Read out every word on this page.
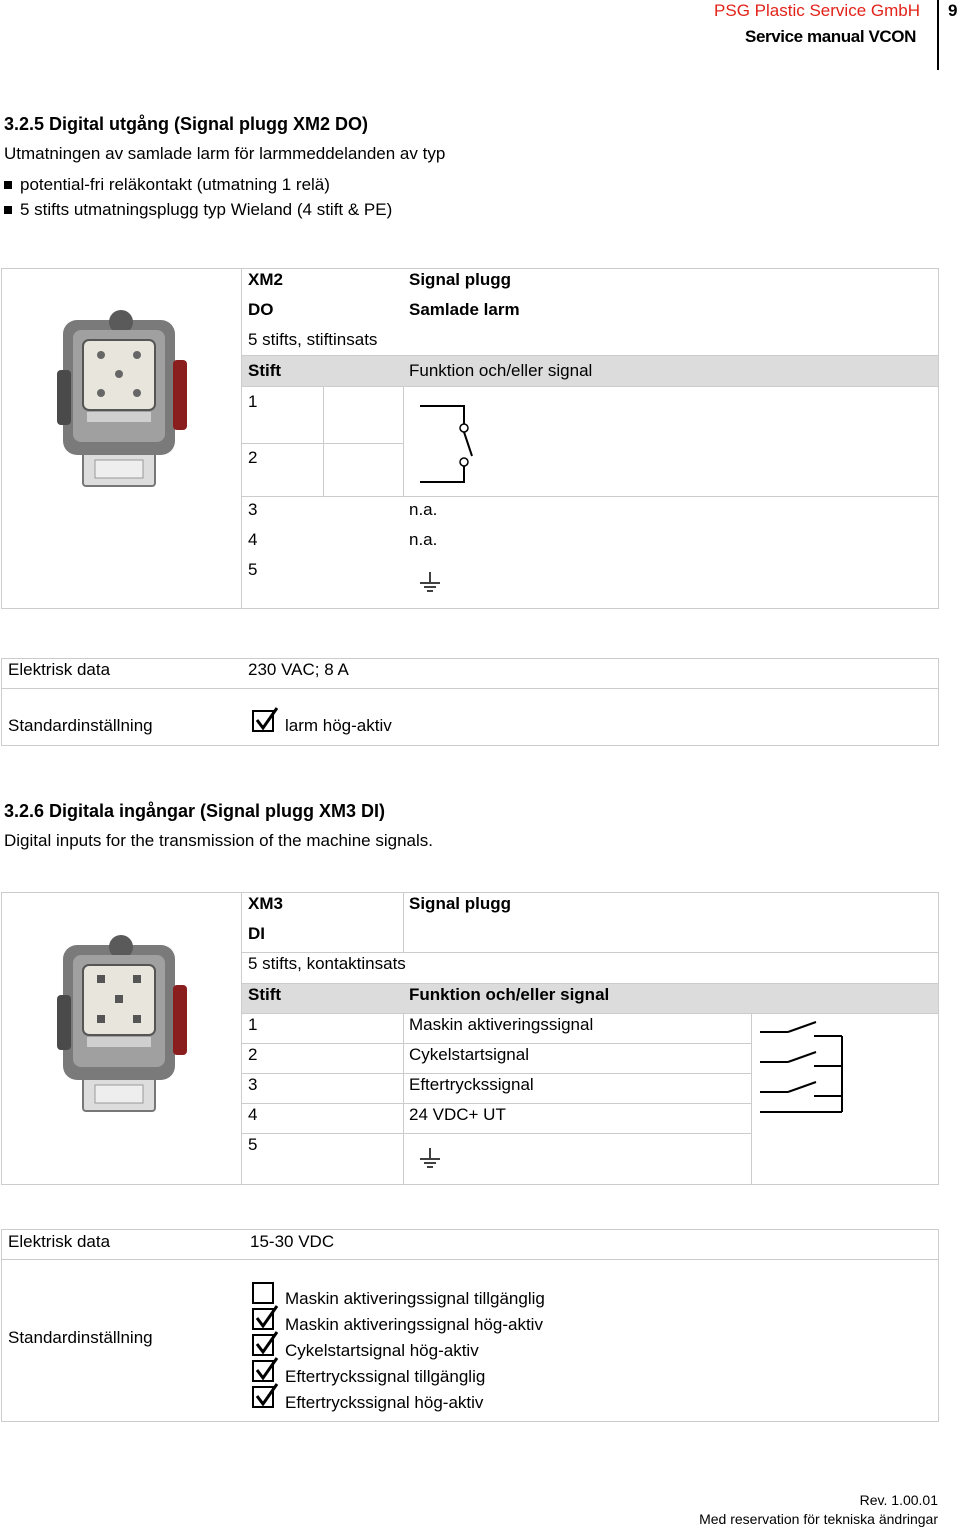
PSG Plastic Service GmbH
Service manual VCON
9
3.2.5 Digital utgång (Signal plugg XM2 DO)
Utmatningen av samlade larm för larmmeddelanden av typ
potential-fri reläkontakt (utmatning 1 relä)
5 stifts utmatningsplugg typ Wieland (4 stift & PE)
XM2
DO
Signal plugg
Samlade larm
5 stifts, stiftinsats
Stift	Funktion och/eller signal
1
2
3	n.a.
4	n.a.
5
Elektrisk data	230 VAC; 8 A
Standardinställning	larm hög-aktiv
3.2.6 Digitala ingångar (Signal plugg XM3 DI)
Digital inputs for the transmission of the machine signals.
XM3
DI
Signal plugg
5 stifts, kontaktinsats
Stift	Funktion och/eller signal
1	Maskin aktiveringssignal
2	Cykelstartsignal
3	Eftertryckssignal
4	24 VDC+ UT
5
Elektrisk data	15-30 VDC
Standardinställning
Maskin aktiveringssignal tillgänglig
Maskin aktiveringssignal hög-aktiv
Cykelstartsignal hög-aktiv
Eftertryckssignal tillgänglig
Eftertryckssignal hög-aktiv
Rev. 1.00.01
Med reservation för tekniska ändringar
